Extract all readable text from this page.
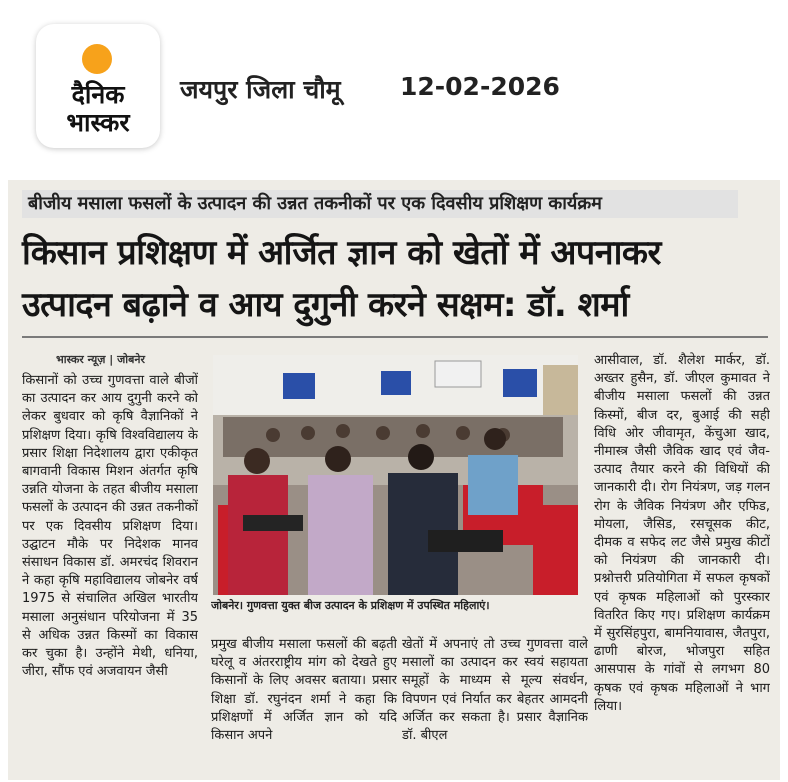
दैनिक
भास्कर
जयपुर जिला चौमू 12-02-2026
बीजीय मसाला फसलों के उत्पादन की उन्नत तकनीकों पर एक दिवसीय प्रशिक्षण कार्यक्रम
किसान प्रशिक्षण में अर्जित ज्ञान को खेतों में अपनाकर
उत्पादन बढ़ाने व आय दुगुनी करने सक्षम: डॉ. शर्मा
भास्कर न्यूज़ | जोबनेर
किसानों को उच्च गुणवत्ता वाले बीजों का उत्पादन कर आय दुगुनी करने को लेकर बुधवार को कृषि वैज्ञानिकों ने प्रशिक्षण दिया। कृषि विश्वविद्यालय के प्रसार शिक्षा निदेशालय द्वारा एकीकृत बागवानी विकास मिशन अंतर्गत कृषि उन्नति योजना के तहत बीजीय मसाला फसलों के उत्पादन की उन्नत तकनीकों पर एक दिवसीय प्रशिक्षण दिया। उद्घाटन मौके पर निदेशक मानव संसाधन विकास डॉ. अमरचंद शिवरान ने कहा कृषि महाविद्यालय जोबनेर वर्ष 1975 से संचालित अखिल भारतीय मसाला अनुसंधान परियोजना में 35 से अधिक उन्नत किस्मों का विकास कर चुका है। उन्होंने मेथी, धनिया, जीरा, सौंफ एवं अजवायन जैसी
जोबनेर। गुणवत्ता युक्त बीज उत्पादन के प्रशिक्षण में उपस्थित महिलाएं।
प्रमुख बीजीय मसाला फसलों की बढ़ती घरेलू व अंतरराष्ट्रीय मांग को देखते हुए किसानों के लिए अवसर बताया। प्रसार शिक्षा डॉ. रघुनंदन शर्मा ने कहा कि प्रशिक्षणों में अर्जित ज्ञान को यदि किसान अपने
खेतों में अपनाएं तो उच्च गुणवत्ता वाले मसालों का उत्पादन कर स्वयं सहायता समूहों के माध्यम से मूल्य संवर्धन, विपणन एवं निर्यात कर बेहतर आमदनी अर्जित कर सकता है। प्रसार वैज्ञानिक डॉ. बीएल
आसीवाल, डॉ. शैलेश मार्कर, डॉ. अख्तर हुसैन, डॉ. जीएल कुमावत ने बीजीय मसाला फसलों की उन्नत किस्मों, बीज दर, बुआई की सही विधि ओर जीवामृत, केंचुआ खाद, नीमास्त्र जैसी जैविक खाद एवं जैव-उत्पाद तैयार करने की विधियों की जानकारी दी। रोग नियंत्रण, जड़ गलन रोग के जैविक नियंत्रण और एफिड, मोयला, जैसिड, रसचूसक कीट, दीमक व सफेद लट जैसे प्रमुख कीटों को नियंत्रण की जानकारी दी। प्रश्नोत्तरी प्रतियोगिता में सफल कृषकों एवं कृषक महिलाओं को पुरस्कार वितरित किए गए। प्रशिक्षण कार्यक्रम में सुरसिंहपुरा, बामनियावास, जैतपुरा, ढाणी बोरज, भोजपुरा सहित आसपास के गांवों से लगभग 80 कृषक एवं कृषक महिलाओं ने भाग लिया।
